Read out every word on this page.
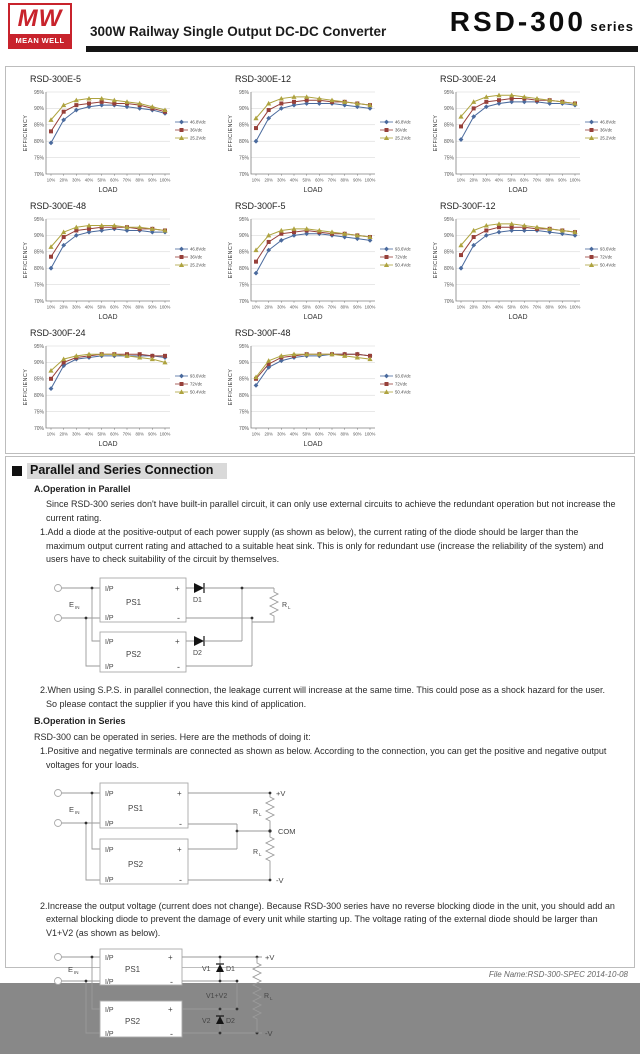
MW
MEAN WELL
300W Railway Single Output DC-DC Converter RSD-300 series
RSD-300E-5
95%
90%
85%
80%
75%
70%
10% 20% 30% 40% 50% 60% 70% 80% 90% 100%
EFFICIENCY
LOAD
46.8Vdc
36Vdc
25.2Vdc
RSD-300E-12
95%
90%
85%
80%
75%
70%
10% 20% 30% 40% 50% 60% 70% 80% 90% 100%
EFFICIENCY
LOAD
46.8Vdc
36Vdc
25.2Vdc
RSD-300E-24
95%
90%
85%
80%
75%
70%
10% 20% 30% 40% 50% 60% 70% 80% 90% 100%
EFFICIENCY
LOAD
46.8Vdc
36Vdc
25.2Vdc
RSD-300E-48
95%
90%
85%
80%
75%
70%
10% 20% 30% 40% 50% 60% 70% 80% 90% 100%
EFFICIENCY
LOAD
46.8Vdc
36Vdc
25.2Vdc
RSD-300F-5
95%
90%
85%
80%
75%
70%
10% 20% 30% 40% 50% 60% 70% 80% 90% 100%
EFFICIENCY
LOAD
93.6Vdc
72Vdc
50.4Vdc
RSD-300F-12
95%
90%
85%
80%
75%
70%
10% 20% 30% 40% 50% 60% 70% 80% 90% 100%
EFFICIENCY
LOAD
93.6Vdc
72Vdc
50.4Vdc
RSD-300F-24
95%
90%
85%
80%
75%
70%
10% 20% 30% 40% 50% 60% 70% 80% 90% 100%
EFFICIENCY
LOAD
93.6Vdc
72Vdc
50.4Vdc
RSD-300F-48
95%
90%
85%
80%
75%
70%
10% 20% 30% 40% 50% 60% 70% 80% 90% 100%
EFFICIENCY
LOAD
93.6Vdc
72Vdc
50.4Vdc
Parallel and Series Connection
A.Operation in Parallel
Since RSD-300 series don't have built-in parallel circuit, it can only use external circuits to achieve the redundant operation but not increase the current rating.
1.Add a diode at the positive-output of each power supply (as shown as below), the current rating of the diode should be larger than the maximum output current rating and attached to a suitable heat sink. This is only for redundant use (increase the reliability of the system) and users have to check suitability of the circuit by themselves.
E IN
I/P
I/P
PS1
+
-
I/P
I/P
PS2
+
-
D1
D2
R L
2.When using S.P.S. in parallel connection, the leakage current will increase at the same time. This could pose as a shock hazard for the user. So please contact the supplier if you have this kind of application.
B.Operation in Series
RSD-300 can be operated in series. Here are the methods of doing it:
1.Positive and negative terminals are connected as shown as below. According to the connection, you can get the positive and negative output voltages for your loads.
E IN
I/P
I/P
PS1
+
-
I/P
I/P
PS2
+
-
R L
R L
+V
COM
-V
2.Increase the output voltage (current does not change). Because RSD-300 series have no reverse blocking diode in the unit, you should add an external blocking diode to prevent the damage of every unit while starting up. The voltage rating of the external diode should be larger than V1+V2 (as shown as below).
E IN
I/P
I/P
PS1
+
-
I/P
I/P
PS2
+
-
V1 D1
V2 D2
V1+V2	R L
+V
-V
File Name:RSD-300-SPEC 2014-10-08
